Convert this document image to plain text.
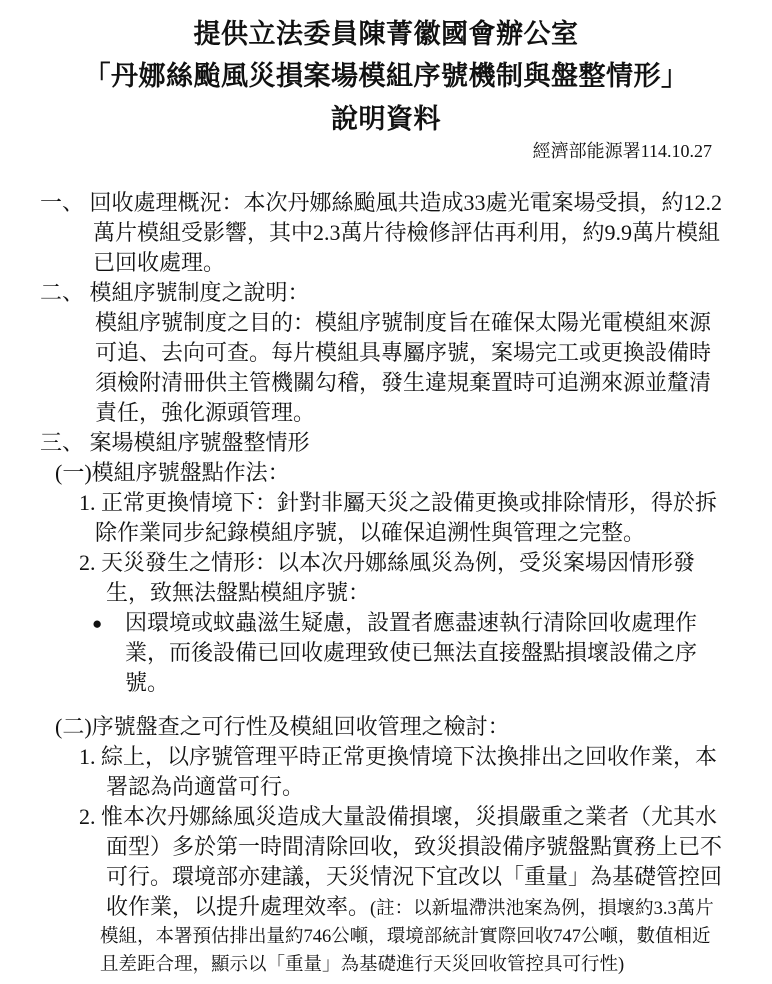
提供立法委員陳菁徽國會辦公室
「丹娜絲颱風災損案場模組序號機制與盤整情形」
說明資料
經濟部能源署114.10.27
一、 回收處理概況：本次丹娜絲颱風共造成33處光電案場受損，約12.2
萬片模組受影響，其中2.3萬片待檢修評估再利用，約9.9萬片模組
已回收處理。
二、 模組序號制度之說明：
模組序號制度之目的：模組序號制度旨在確保太陽光電模組來源
可追、去向可查。每片模組具專屬序號，案場完工或更換設備時
須檢附清冊供主管機關勾稽，發生違規棄置時可追溯來源並釐清
責任，強化源頭管理。
三、 案場模組序號盤整情形
(一)模組序號盤點作法：
1. 正常更換情境下：針對非屬天災之設備更換或排除情形，得於拆
除作業同步紀錄模組序號，以確保追溯性與管理之完整。
2. 天災發生之情形：以本次丹娜絲風災為例，受災案場因情形發
生，致無法盤點模組序號：
● 因環境或蚊蟲滋生疑慮，設置者應盡速執行清除回收處理作
業，而後設備已回收處理致使已無法直接盤點損壞設備之序
號。
(二)序號盤查之可行性及模組回收管理之檢討：
1. 綜上，以序號管理平時正常更換情境下汰換排出之回收作業，本
署認為尚適當可行。
2. 惟本次丹娜絲風災造成大量設備損壞，災損嚴重之業者（尤其水
面型）多於第一時間清除回收，致災損設備序號盤點實務上已不
可行。環境部亦建議，天災情況下宜改以「重量」為基礎管控回
收作業，以提升處理效率。(註：以新塭滯洪池案為例，損壞約3.3萬片
模組，本署預估排出量約746公噸，環境部統計實際回收747公噸，數值相近
且差距合理，顯示以「重量」為基礎進行天災回收管控具可行性)
